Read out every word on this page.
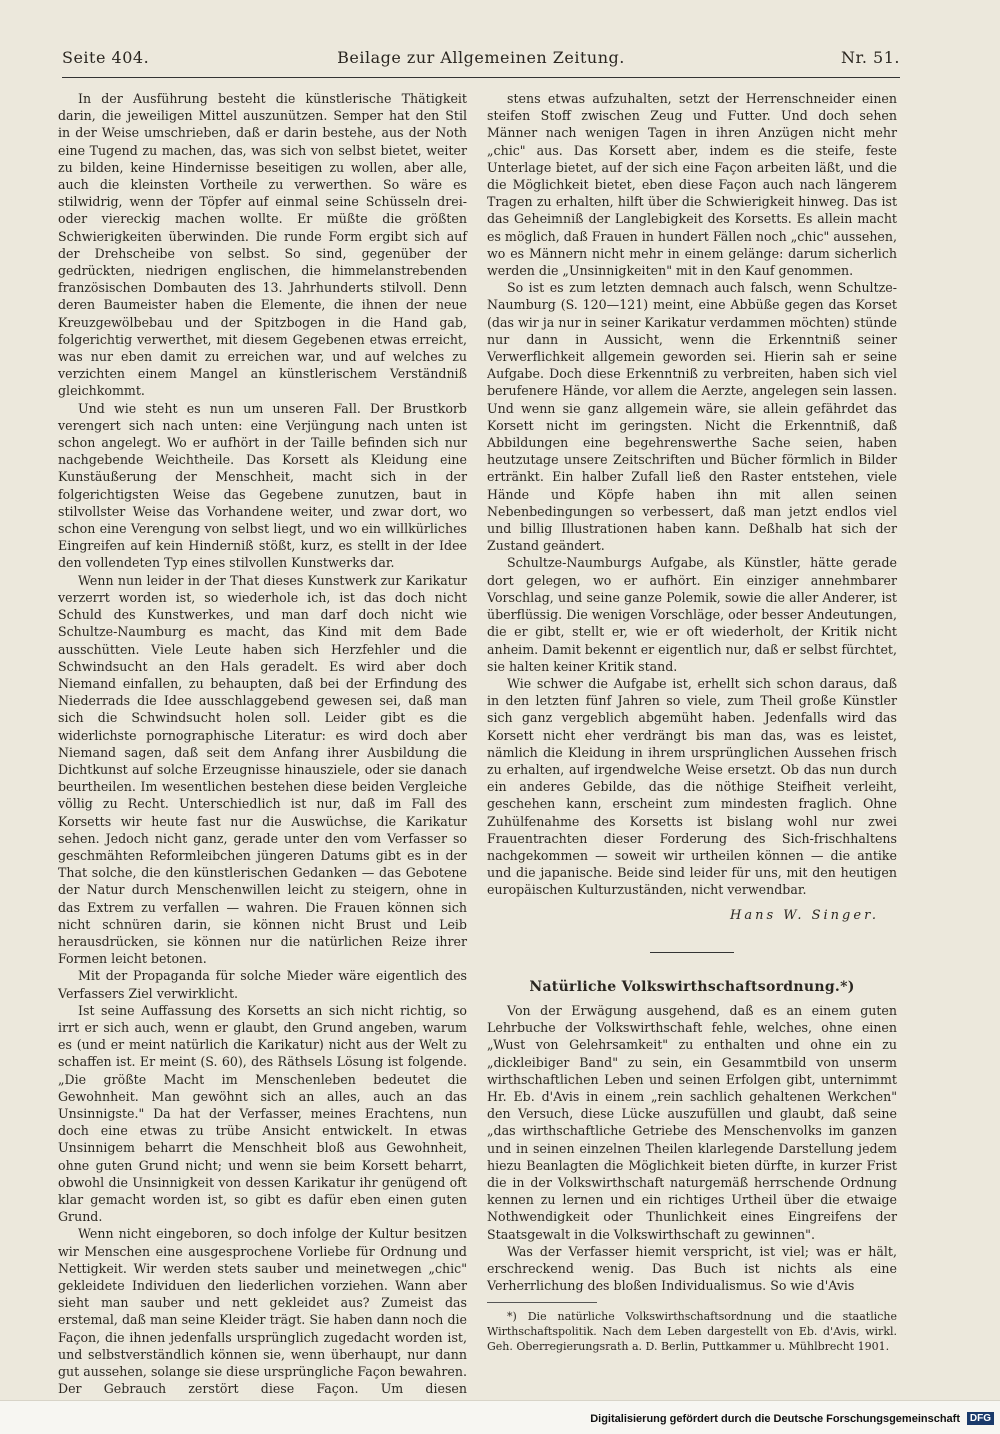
Seite 404.	Beilage zur Allgemeinen Zeitung.	Nr. 51.

In der Ausführung besteht die künstlerische Thätigkeit darin, die jeweiligen Mittel auszunützen. Semper hat den Stil in der Weise umschrieben, daß er darin bestehe, aus der Noth eine Tugend zu machen, das, was sich von selbst bietet, weiter zu bilden, keine Hindernisse beseitigen zu wollen, aber alle, auch die kleinsten Vortheile zu verwerthen. So wäre es stilwidrig, wenn der Töpfer auf einmal seine Schüsseln drei- oder viereckig machen wollte. Er müßte die größten Schwierigkeiten überwinden. Die runde Form ergibt sich auf der Drehscheibe von selbst. So sind, gegenüber der gedrückten, niedrigen englischen, die himmelanstrebenden französischen Dombauten des 13. Jahrhunderts stilvoll. Denn deren Baumeister haben die Elemente, die ihnen der neue Kreuzgewölbebau und der Spitzbogen in die Hand gab, folgerichtig verwerthet, mit diesem Gegebenen etwas erreicht, was nur eben damit zu erreichen war, und auf welches zu verzichten einem Mangel an künstlerischem Verständniß gleichkommt.

Und wie steht es nun um unseren Fall. Der Brustkorb verengert sich nach unten: eine Verjüngung nach unten ist schon angelegt. Wo er aufhört in der Taille befinden sich nur nachgebende Weichtheile. Das Korsett als Kleidung eine Kunstäußerung der Menschheit, macht sich in der folgerichtigsten Weise das Gegebene zunutzen, baut in stilvollster Weise das Vorhandene weiter, und zwar dort, wo schon eine Verengung von selbst liegt, und wo ein willkürliches Eingreifen auf kein Hinderniß stößt, kurz, es stellt in der Idee den vollendeten Typ eines stilvollen Kunstwerks dar.

Wenn nun leider in der That dieses Kunstwerk zur Karikatur verzerrt worden ist, so wiederhole ich, ist das doch nicht Schuld des Kunstwerkes, und man darf doch nicht wie Schultze-Naumburg es macht, das Kind mit dem Bade ausschütten. Viele Leute haben sich Herzfehler und die Schwindsucht an den Hals geradelt. Es wird aber doch Niemand einfallen, zu behaupten, daß bei der Erfindung des Niederrads die Idee ausschlaggebend gewesen sei, daß man sich die Schwindsucht holen soll. Leider gibt es die widerlichste pornographische Literatur: es wird doch aber Niemand sagen, daß seit dem Anfang ihrer Ausbildung die Dichtkunst auf solche Erzeugnisse hinausziele, oder sie danach beurtheilen. Im wesentlichen bestehen diese beiden Vergleiche völlig zu Recht. Unterschiedlich ist nur, daß im Fall des Korsetts wir heute fast nur die Auswüchse, die Karikatur sehen. Jedoch nicht ganz, gerade unter den vom Verfasser so geschmähten Reformleibchen jüngeren Datums gibt es in der That solche, die den künstlerischen Gedanken — das Gebotene der Natur durch Menschenwillen leicht zu steigern, ohne in das Extrem zu verfallen — wahren. Die Frauen können sich nicht schnüren darin, sie können nicht Brust und Leib herausdrücken, sie können nur die natürlichen Reize ihrer Formen leicht betonen.

Mit der Propaganda für solche Mieder wäre eigentlich des Verfassers Ziel verwirklicht.

Ist seine Auffassung des Korsetts an sich nicht richtig, so irrt er sich auch, wenn er glaubt, den Grund angeben, warum es (und er meint natürlich die Karikatur) nicht aus der Welt zu schaffen ist. Er meint (S. 60), des Räthsels Lösung ist folgende. „Die größte Macht im Menschenleben bedeutet die Gewohnheit. Man gewöhnt sich an alles, auch an das Unsinnigste." Da hat der Verfasser, meines Erachtens, nun doch eine etwas zu trübe Ansicht entwickelt. In etwas Unsinnigem beharrt die Menschheit bloß aus Gewohnheit, ohne guten Grund nicht; und wenn sie beim Korsett beharrt, obwohl die Unsinnigkeit von dessen Karikatur ihr genügend oft klar gemacht worden ist, so gibt es dafür eben einen guten Grund.

Wenn nicht eingeboren, so doch infolge der Kultur besitzen wir Menschen eine ausgesprochene Vorliebe für Ordnung und Nettigkeit. Wir werden stets sauber und meinetwegen „chic" gekleidete Individuen den liederlichen vorziehen. Wann aber sieht man sauber und nett gekleidet aus? Zumeist das erstemal, daß man seine Kleider trägt. Sie haben dann noch die Façon, die ihnen jedenfalls ursprünglich zugedacht worden ist, und selbstverständlich können sie, wenn überhaupt, nur dann gut aussehen, solange sie diese ursprüngliche Façon bewahren. Der Gebrauch zerstört diese Façon. Um diesen

stens etwas aufzuhalten, setzt der Herrenschneider einen steifen Stoff zwischen Zeug und Futter. Und doch sehen Männer nach wenigen Tagen in ihren Anzügen nicht mehr „chic" aus. Das Korsett aber, indem es die steife, feste Unterlage bietet, auf der sich eine Façon arbeiten läßt, und die die Möglichkeit bietet, eben diese Façon auch nach längerem Tragen zu erhalten, hilft über die Schwierigkeit hinweg. Das ist das Geheimniß der Langlebigkeit des Korsetts. Es allein macht es möglich, daß Frauen in hundert Fällen noch „chic" aussehen, wo es Männern nicht mehr in einem gelänge: darum sicherlich werden die „Unsinnigkeiten" mit in den Kauf genommen.

So ist es zum letzten demnach auch falsch, wenn Schultze-Naumburg (S. 120—121) meint, eine Abbüße gegen das Korset (das wir ja nur in seiner Karikatur verdammen möchten) stünde nur dann in Aussicht, wenn die Erkenntniß seiner Verwerflichkeit allgemein geworden sei. Hierin sah er seine Aufgabe. Doch diese Erkenntniß zu verbreiten, haben sich viel berufenere Hände, vor allem die Aerzte, angelegen sein lassen. Und wenn sie ganz allgemein wäre, sie allein gefährdet das Korsett nicht im geringsten. Nicht die Erkenntniß, daß Abbildungen eine begehrenswerthe Sache seien, haben heutzutage unsere Zeitschriften und Bücher förmlich in Bilder ertränkt. Ein halber Zufall ließ den Raster entstehen, viele Hände und Köpfe haben ihn mit allen seinen Nebenbedingungen so verbessert, daß man jetzt endlos viel und billig Illustrationen haben kann. Deßhalb hat sich der Zustand geändert.

Schultze-Naumburgs Aufgabe, als Künstler, hätte gerade dort gelegen, wo er aufhört. Ein einziger annehmbarer Vorschlag, und seine ganze Polemik, sowie die aller Anderer, ist überflüssig. Die wenigen Vorschläge, oder besser Andeutungen, die er gibt, stellt er, wie er oft wiederholt, der Kritik nicht anheim. Damit bekennt er eigentlich nur, daß er selbst fürchtet, sie halten keiner Kritik stand.

Wie schwer die Aufgabe ist, erhellt sich schon daraus, daß in den letzten fünf Jahren so viele, zum Theil große Künstler sich ganz vergeblich abgemüht haben. Jedenfalls wird das Korsett nicht eher verdrängt bis man das, was es leistet, nämlich die Kleidung in ihrem ursprünglichen Aussehen frisch zu erhalten, auf irgendwelche Weise ersetzt. Ob das nun durch ein anderes Gebilde, das die nöthige Steifheit verleiht, geschehen kann, erscheint zum mindesten fraglich. Ohne Zuhülfenahme des Korsetts ist bislang wohl nur zwei Frauentrachten dieser Forderung des Sich-frischhaltens nachgekommen — soweit wir urtheilen können — die antike und die japanische. Beide sind leider für uns, mit den heutigen europäischen Kulturzuständen, nicht verwendbar.

Hans W. Singer.
Natürliche Volkswirthschaftsordnung.*)

Von der Erwägung ausgehend, daß es an einem guten Lehrbuche der Volkswirthschaft fehle, welches, ohne einen „Wust von Gelehrsamkeit" zu enthalten und ohne ein zu „dickleibiger Band" zu sein, ein Gesammtbild von unserm wirthschaftlichen Leben und seinen Erfolgen gibt, unternimmt Hr. Eb. d'Avis in einem „rein sachlich gehaltenen Werkchen" den Versuch, diese Lücke auszufüllen und glaubt, daß seine „das wirthschaftliche Getriebe des Menschenvolks im ganzen und in seinen einzelnen Theilen klarlegende Darstellung jedem hiezu Beanlagten die Möglichkeit bieten dürfte, in kurzer Frist die in der Volkswirthschaft naturgemäß herrschende Ordnung kennen zu lernen und ein richtiges Urtheil über die etwaige Nothwendigkeit oder Thunlichkeit eines Eingreifens der Staatsgewalt in die Volkswirthschaft zu gewinnen".

Was der Verfasser hiemit verspricht, ist viel; was er hält, erschreckend wenig. Das Buch ist nichts als eine Verherrlichung des bloßen Individualismus. So wie d'Avis

*) Die natürliche Volkswirthschaftsordnung und die staatliche Wirthschaftspolitik. Nach dem Leben dargestellt von Eb. d'Avis, wirkl. Geh. Oberregierungsrath a. D. Berlin, Puttkammer u. Mühlbrecht 1901.

Digitalisierung gefördert durch die Deutsche Forschungsgemeinschaft DFG
